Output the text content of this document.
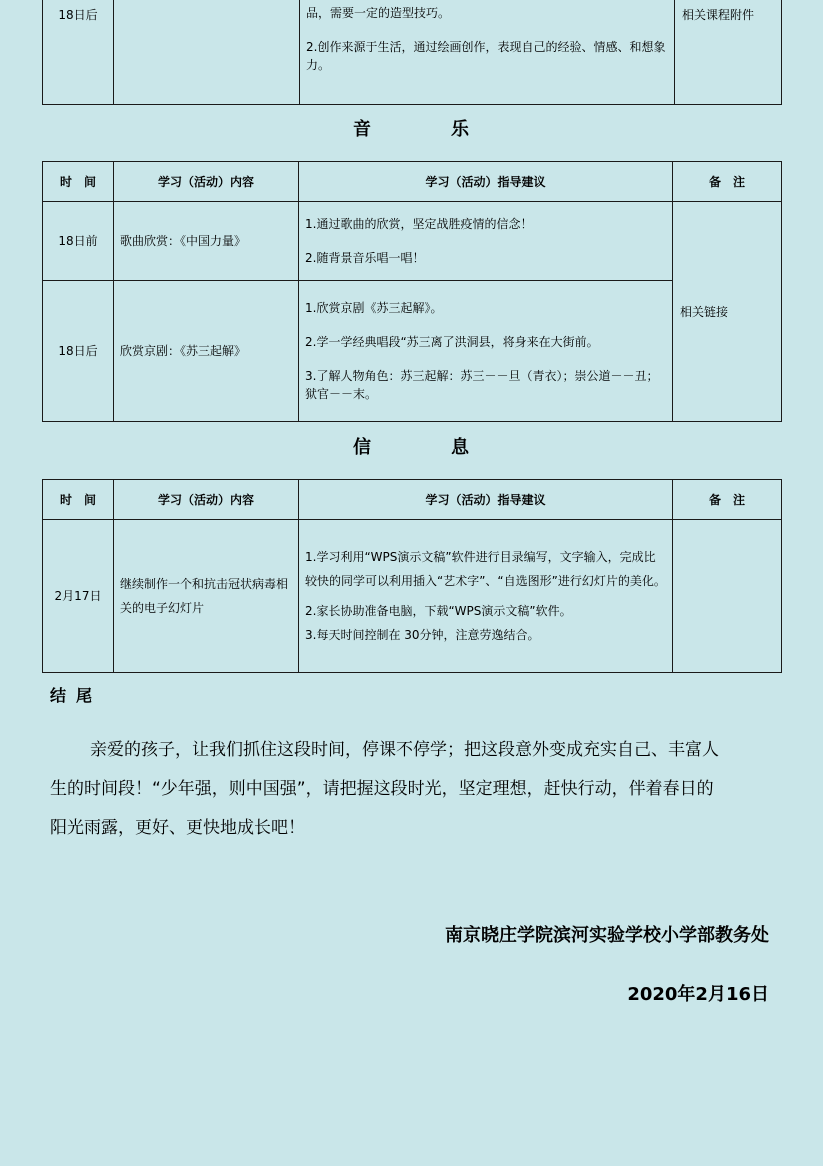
18日后		品，需要一定的造型技巧。

2.创作来源于生活，通过绘画创作，表现自己的经验、情感、和想象力。

	相关课程附件
音	乐
时　间	学习（活动）内容	学习（活动）指导建议	备　注
18日前	歌曲欣赏：《中国力量》	1.通过歌曲的欣赏，坚定战胜疫情的信念！

2.随背景音乐唱一唱！	相关链接
18日后	欣赏京剧：《苏三起解》	1.欣赏京剧《苏三起解》。

2.学一学经典唱段“苏三离了洪洞县，将身来在大街前。

3.了解人物角色：苏三起解：苏三－－旦（青衣）；崇公道－－丑；狱官－－末。	

信	息
时　间	学习（活动）内容	学习（活动）指导建议	备　注
2月17日	继续制作一个和抗击冠状病毒相关的电子幻灯片	1.学习利用“WPS演示文稿”软件进行目录编写，文字输入，完成比较快的同学可以利用插入“艺术字”、“自选图形”进行幻灯片的美化。

2.家长协助准备电脑，下载“WPS演示文稿”软件。

3.每天时间控制在 30分钟，注意劳逸结合。	

结尾

亲爱的孩子，让我们抓住这段时间，停课不停学；把这段意外变成充实自己、丰富人生的时间段！“少年强，则中国强”，请把握这段时光，坚定理想，赶快行动，伴着春日的阳光雨露，更好、更快地成长吧！

南京晓庄学院滨河实验学校小学部教务处
2020年2月16日
